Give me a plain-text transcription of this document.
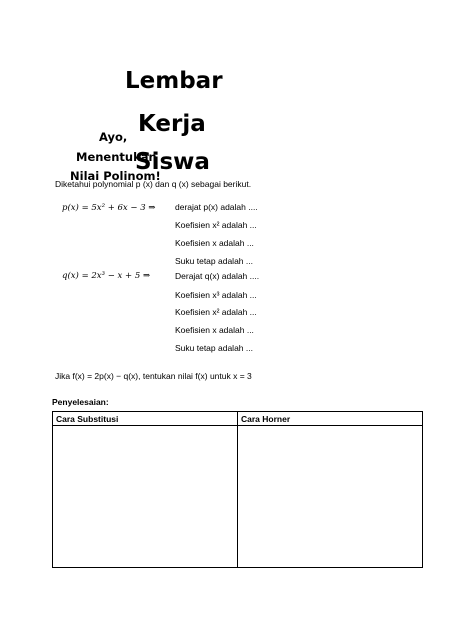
Lembar
Kerja
Siswa
Ayo,
Menentukan
Nilai Polinom!
Diketahui polynomial p (x) dan q (x) sebagai berikut.
p(x) = 5x² + 6x − 3 ⇒ derajat p(x) adalah ....
Koefisien x² adalah ...
Koefisien x adalah ...
Suku tetap adalah ...
q(x) = 2x³ − x + 5 ⇒	Derajat q(x) adalah ....
Koefisien x³ adalah ...
Koefisien x² adalah ...
Koefisien x adalah ...
Suku tetap adalah ...
Jika f(x) = 2p(x) − q(x), tentukan nilai f(x) untuk x = 3
Penyelesaian:
Cara Substitusi	Cara Horner
